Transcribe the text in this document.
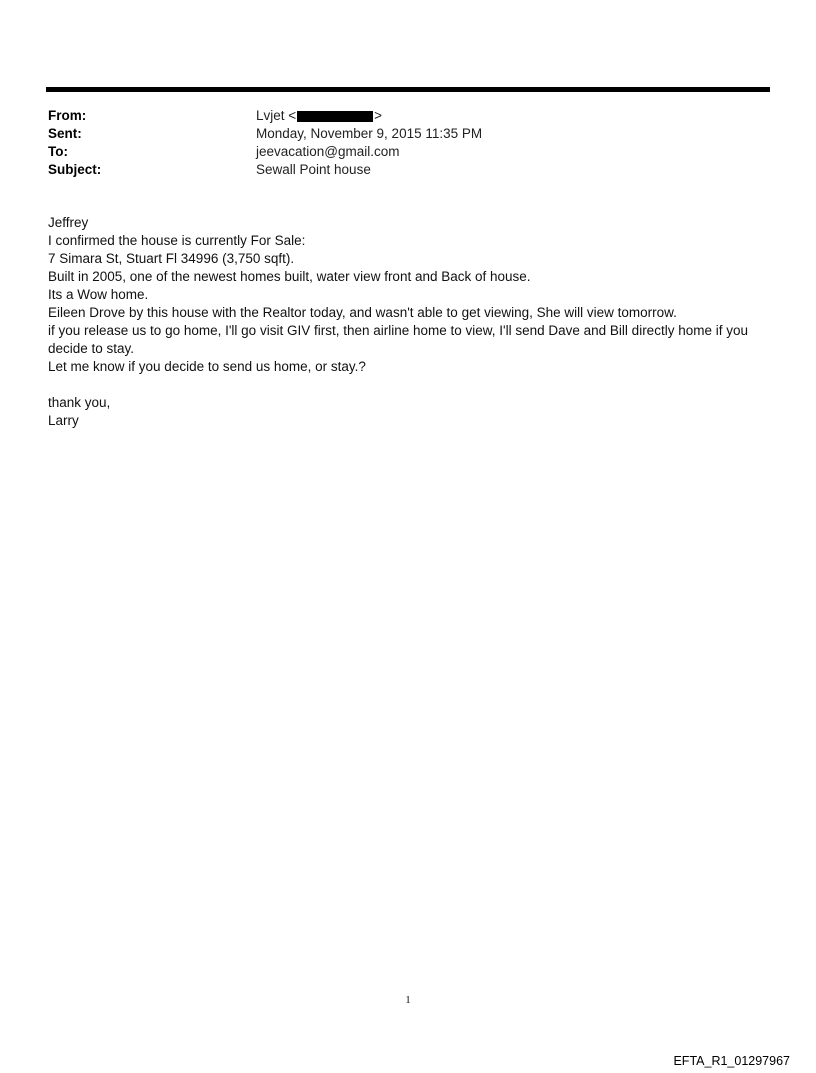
From:	Lvjet <	>
Sent:	Monday, November 9, 2015 11:35 PM
To:	jeevacation@gmail.com
Subject:	Sewall Point house
Jeffrey
I confirmed the house is currently For Sale:
7 Simara St, Stuart Fl 34996 (3,750 sqft).
Built in 2005, one of the newest homes built, water view front and Back of house.
Its a Wow home.
Eileen Drove by this house with the Realtor today, and wasn't able to get viewing, She will view tomorrow.
if you release us to go home, I'll go visit GIV first, then airline home to view, I'll send Dave and Bill directly home if you
decide to stay.
Let me know if you decide to send us home, or stay.?
thank you,
Larry
1
EFTA_R1_01297967
